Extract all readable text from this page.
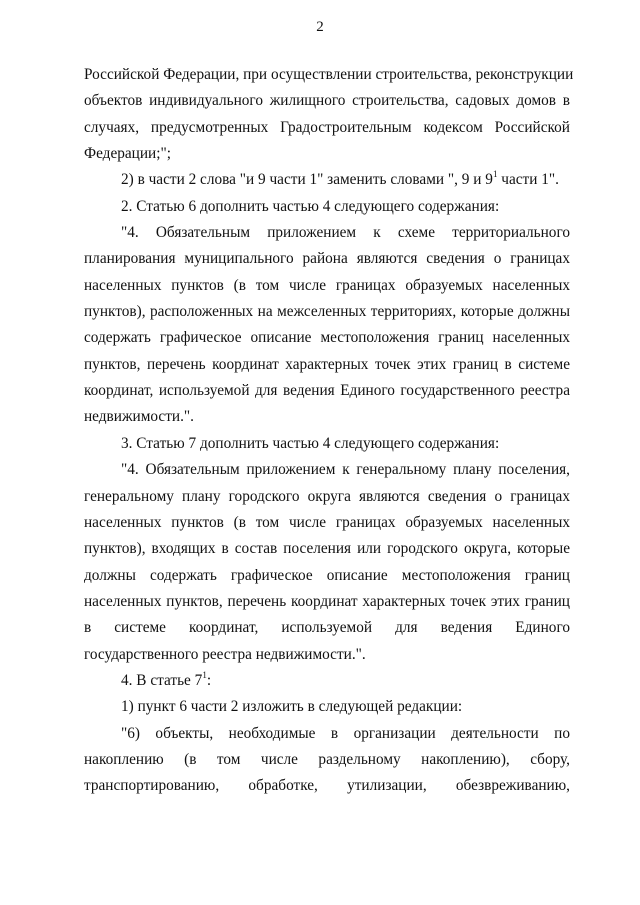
2
Российской Федерации, при осуществлении строительства, реконструкции
объектов индивидуального жилищного строительства, садовых домов в
случаях, предусмотренных Градостроительным кодексом Российской
Федерации;";
2) в части 2 слова "и 9 части 1" заменить словами ", 9 и $9^1$ части 1".
2. Статью 6 дополнить частью 4 следующего содержания:
"4. Обязательным приложением к схеме территориального
планирования муниципального района являются сведения о границах
населенных пунктов (в том числе границах образуемых населенных
пунктов), расположенных на межселенных территориях, которые должны
содержать графическое описание местоположения границ населенных
пунктов, перечень координат характерных точек этих границ в системе
координат, используемой для ведения Единого государственного реестра
недвижимости.".
3. Статью 7 дополнить частью 4 следующего содержания:
"4. Обязательным приложением к генеральному плану поселения,
генеральному плану городского округа являются сведения о границах
населенных пунктов (в том числе границах образуемых населенных
пунктов), входящих в состав поселения или городского округа, которые
должны содержать графическое описание местоположения границ
населенных пунктов, перечень координат характерных точек этих границ
в системе координат, используемой для ведения Единого
государственного реестра недвижимости.".
4. В статье $7^1$:
1) пункт 6 части 2 изложить в следующей редакции:
"6) объекты, необходимые в организации деятельности по
накоплению (в том числе раздельному накоплению), сбору,
транспортированию, обработке, утилизации, обезвреживанию,
